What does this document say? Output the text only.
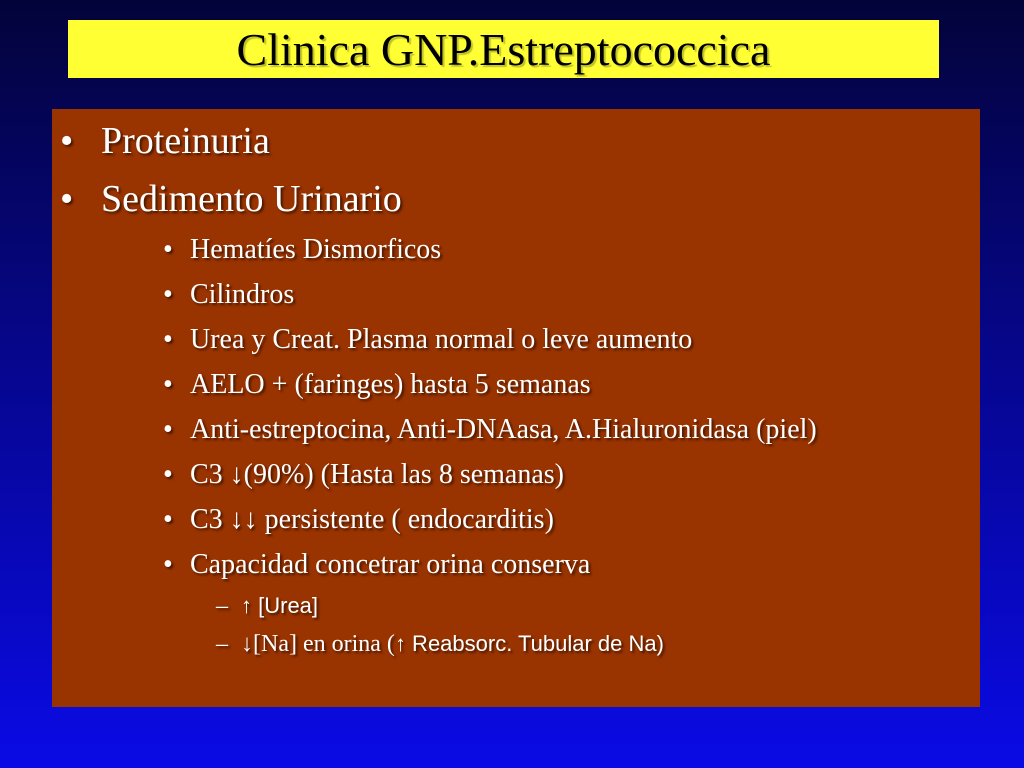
Clinica GNP.Estreptococcica
• Proteinuria
• Sedimento Urinario
• Hematíes Dismorficos
• Cilindros
• Urea y Creat. Plasma normal o leve aumento
• AELO + (faringes) hasta 5 semanas
• Anti-estreptocina, Anti-DNAasa, A.Hialuronidasa (piel)
• C3 ↓(90%) (Hasta las 8 semanas)
• C3 ↓↓ persistente ( endocarditis)
• Capacidad concetrar orina conserva
– ↑ [Urea]
– ↓[Na] en orina (↑ Reabsorc. Tubular de Na)
